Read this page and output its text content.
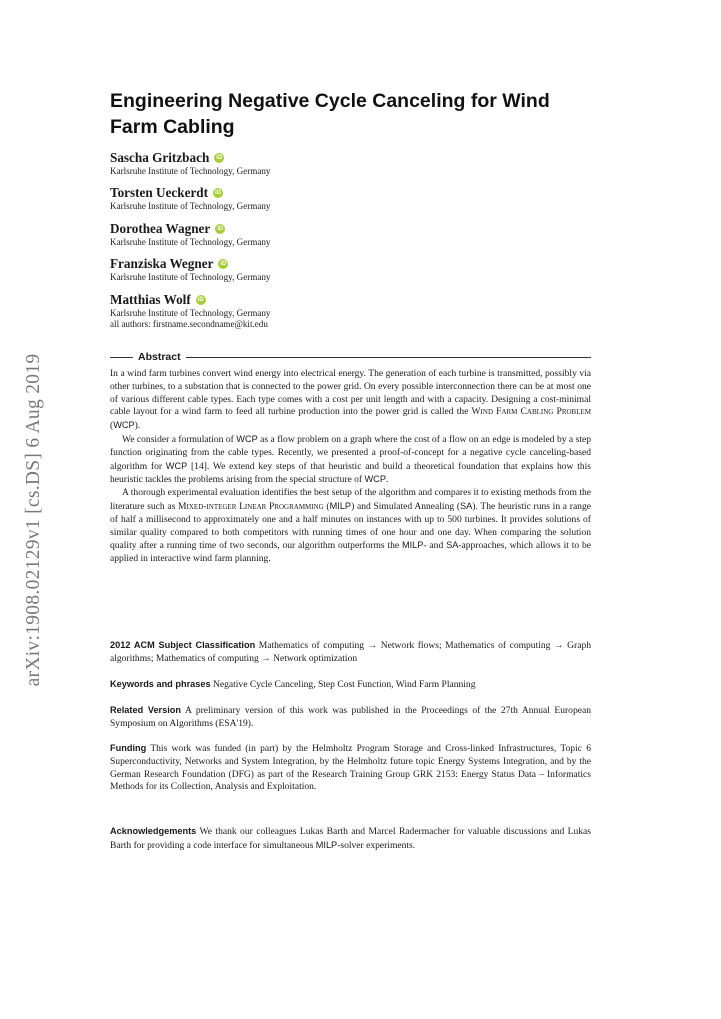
arXiv:1908.02129v1 [cs.DS] 6 Aug 2019
Engineering Negative Cycle Canceling for Wind Farm Cabling
Sascha Gritzbach	iD
Karlsruhe Institute of Technology, Germany
Torsten Ueckerdt	iD
Karlsruhe Institute of Technology, Germany
Dorothea Wagner	iD
Karlsruhe Institute of Technology, Germany
Franziska Wegner	iD
Karlsruhe Institute of Technology, Germany
Matthias Wolf	iD
Karlsruhe Institute of Technology, Germany
all authors: firstname.secondname@kit.edu
Abstract

In a wind farm turbines convert wind energy into electrical energy. The generation of each turbine is transmitted, possibly via other turbines, to a substation that is connected to the power grid. On every possible interconnection there can be at most one of various different cable types. Each type comes with a cost per unit length and with a capacity. Designing a cost-minimal cable layout for a wind farm to feed all turbine production into the power grid is called the Wind Farm Cabling Problem (WCP).

We consider a formulation of WCP as a flow problem on a graph where the cost of a flow on an edge is modeled by a step function originating from the cable types. Recently, we presented a proof-of-concept for a negative cycle canceling-based algorithm for WCP [14]. We extend key steps of that heuristic and build a theoretical foundation that explains how this heuristic tackles the problems arising from the special structure of WCP.

A thorough experimental evaluation identifies the best setup of the algorithm and compares it to existing methods from the literature such as Mixed-integer Linear Programming (MILP) and Simulated Annealing (SA). The heuristic runs in a range of half a millisecond to approximately one and a half minutes on instances with up to 500 turbines. It provides solutions of similar quality compared to both competitors with running times of one hour and one day. When comparing the solution quality after a running time of two seconds, our algorithm outperforms the MILP- and SA-approaches, which allows it to be applied in interactive wind farm planning.

2012 ACM Subject Classification Mathematics of computing → Network flows; Mathematics of computing → Graph algorithms; Mathematics of computing → Network optimization
Keywords and phrases Negative Cycle Canceling, Step Cost Function, Wind Farm Planning
Related Version A preliminary version of this work was published in the Proceedings of the 27th Annual European Symposium on Algorithms (ESA'19).
Funding This work was funded (in part) by the Helmholtz Program Storage and Cross-linked Infrastructures, Topic 6 Superconductivity, Networks and System Integration, by the Helmholtz future topic Energy Systems Integration, and by the German Research Foundation (DFG) as part of the Research Training Group GRK 2153: Energy Status Data – Informatics Methods for its Collection, Analysis and Exploitation.
Acknowledgements We thank our colleagues Lukas Barth and Marcel Radermacher for valuable discussions and Lukas Barth for providing a code interface for simultaneous MILP-solver experiments.
